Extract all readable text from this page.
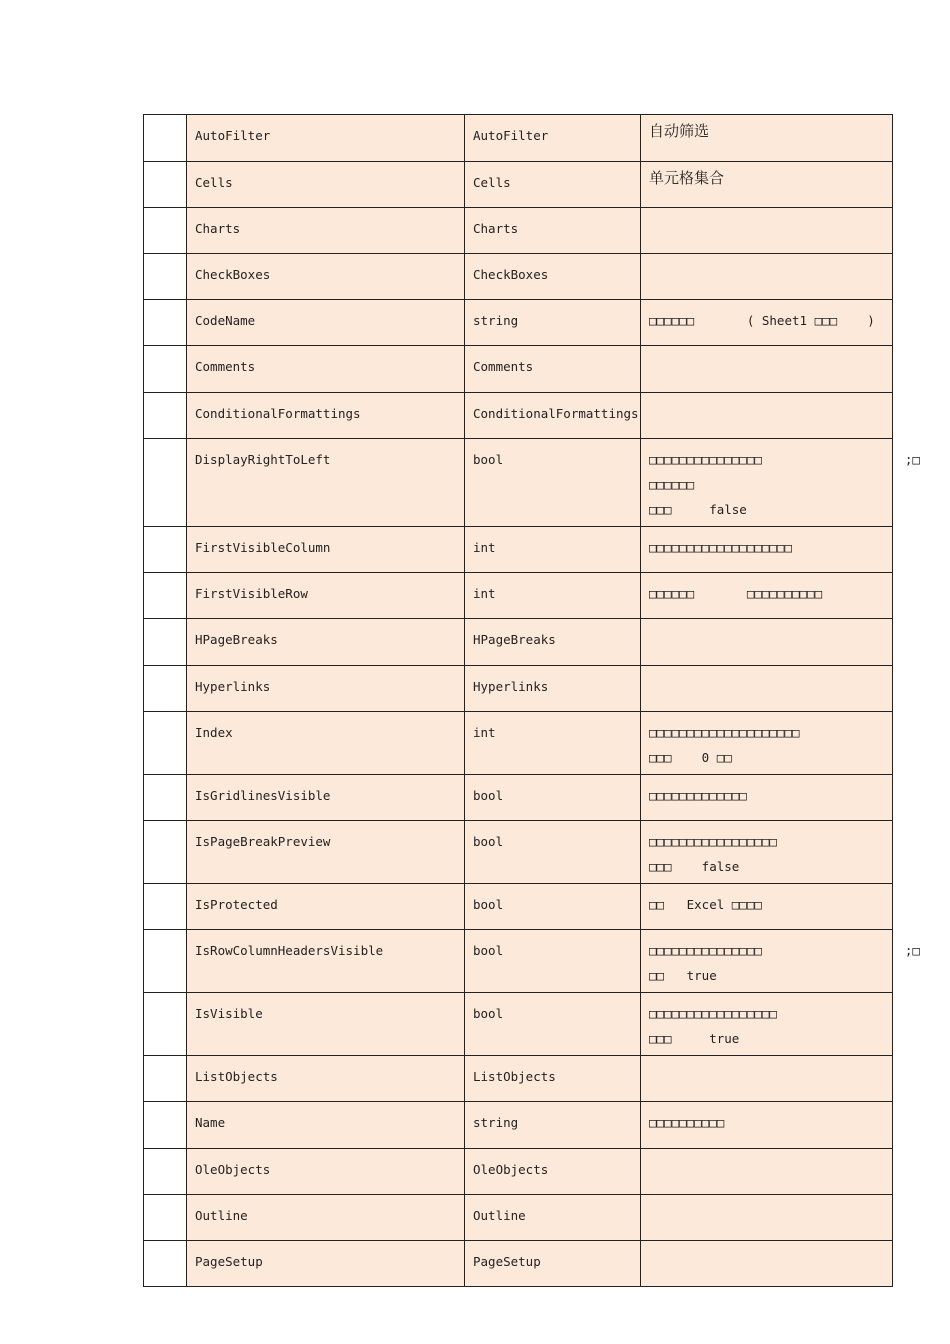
	AutoFilter	AutoFilter	自动筛选

	Cells	Cells	单元格集合

	Charts	Charts	
	CheckBoxes	CheckBoxes	
	CodeName	string	□□□□□□       ( Sheet1 □□□    )

	Comments	Comments	
	ConditionalFormattings	ConditionalFormattings	
	DisplayRightToLeft	bool	□□□□□□□□□□□□□□□                   ;□
□□□□□□
□□□     false

	FirstVisibleColumn	int	□□□□□□□□□□□□□□□□□□□

	FirstVisibleRow	int	□□□□□□       □□□□□□□□□□

	HPageBreaks	HPageBreaks	
	Hyperlinks	Hyperlinks	
	Index	int	□□□□□□□□□□□□□□□□□□□□
□□□    0 □□

	IsGridlinesVisible	bool	□□□□□□□□□□□□□

	IsPageBreakPreview	bool	□□□□□□□□□□□□□□□□□
□□□    false

	IsProtected	bool	□□   Excel □□□□

	IsRowColumnHeadersVisible	bool	□□□□□□□□□□□□□□□                   ;□
□□   true

	IsVisible	bool	□□□□□□□□□□□□□□□□□
□□□     true

	ListObjects	ListObjects	
	Name	string	□□□□□□□□□□

	OleObjects	OleObjects	
	Outline	Outline	
	PageSetup	PageSetup	
